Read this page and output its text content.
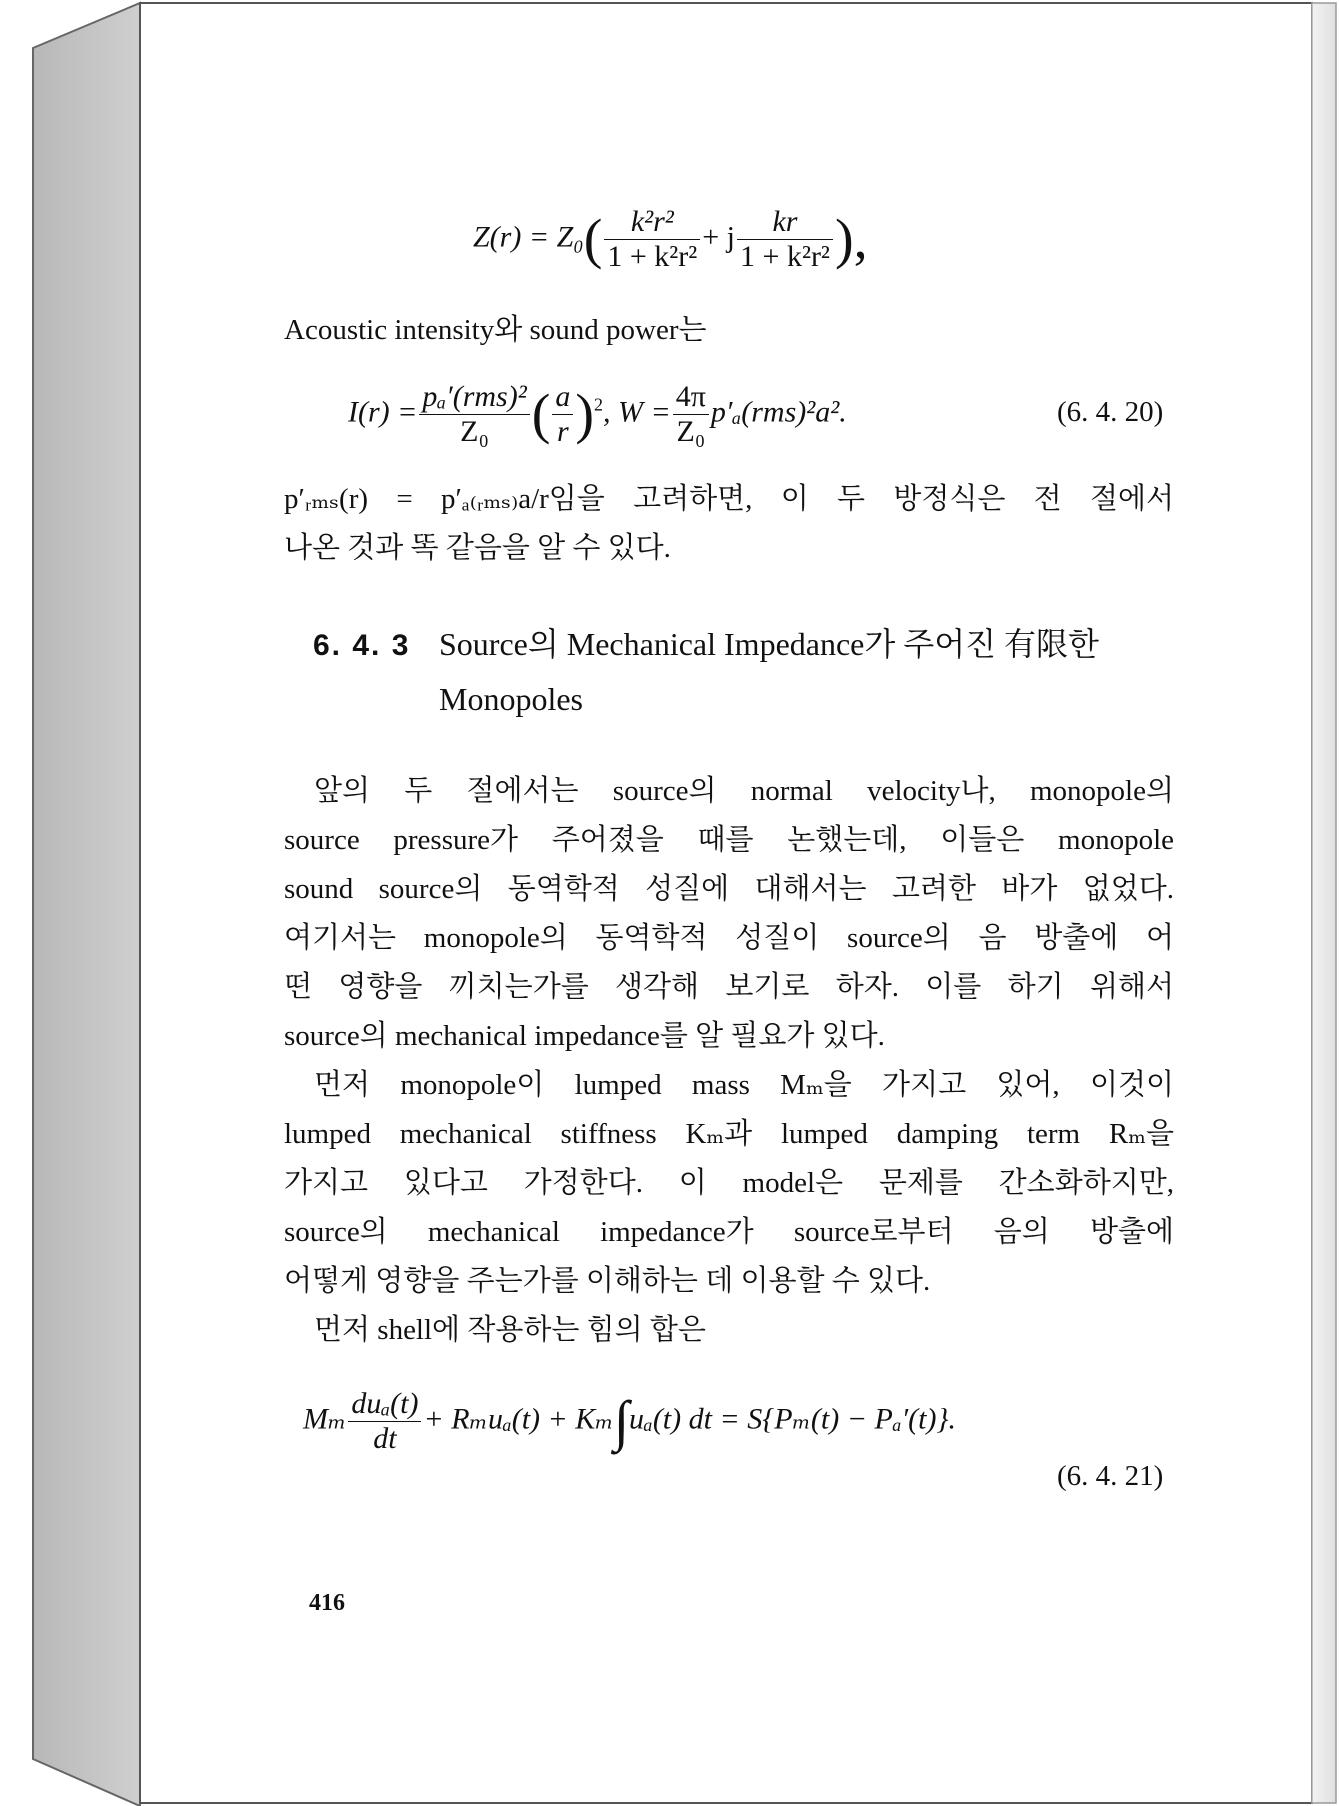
$Z(r) = Z_0( \frac{\text{k²r²}}{\text{1 + k²r²}} + j \frac{kr}{\text{1 + k²r²}}$ ),
Acoustic intensity와 sound power는
I(r) = pₐ′(rms)²
Z₀ ( $\frac{a}{r} )^2$, $W = \frac{4\pi}{\text{Z₀}} p'_a(rms)^2a^2$.	(6. 4. 20)
p′ᵣₘₛ(r) = p′ₐ₍ᵣₘₛ₎a/r임을 고려하면, 이 두 방정식은 전 절에서
나온 것과 똑 같음을 알 수 있다.
6. 4. 3 Source의 Mechanical Impedance가 주어진 有限한
Monopoles
앞의 두 절에서는 source의 normal velocity나, monopole의
source pressure가 주어졌을 때를 논했는데, 이들은 monopole
sound source의 동역학적 성질에 대해서는 고려한 바가 없었다.
여기서는 monopole의 동역학적 성질이 source의 음 방출에 어
떤 영향을 끼치는가를 생각해 보기로 하자. 이를 하기 위해서
source의 mechanical impedance를 알 필요가 있다.
먼저 monopole이 lumped mass Mₘ을 가지고 있어, 이것이
lumped mechanical stiffness Kₘ과 lumped damping term Rₘ을
가지고 있다고 가정한다. 이 model은 문제를 간소화하지만,
source의 mechanical impedance가 source로부터 음의 방출에
어떻게 영향을 주는가를 이해하는 데 이용할 수 있다.
먼저 shell에 작용하는 힘의 합은
Mₘ duₐ(t)
dt
+ Rₘuₐ(t) + Kₘ∫uₐ(t) dt = S{Pₘ(t) − Pₐ′(t)}.
(6. 4. 21)
416
